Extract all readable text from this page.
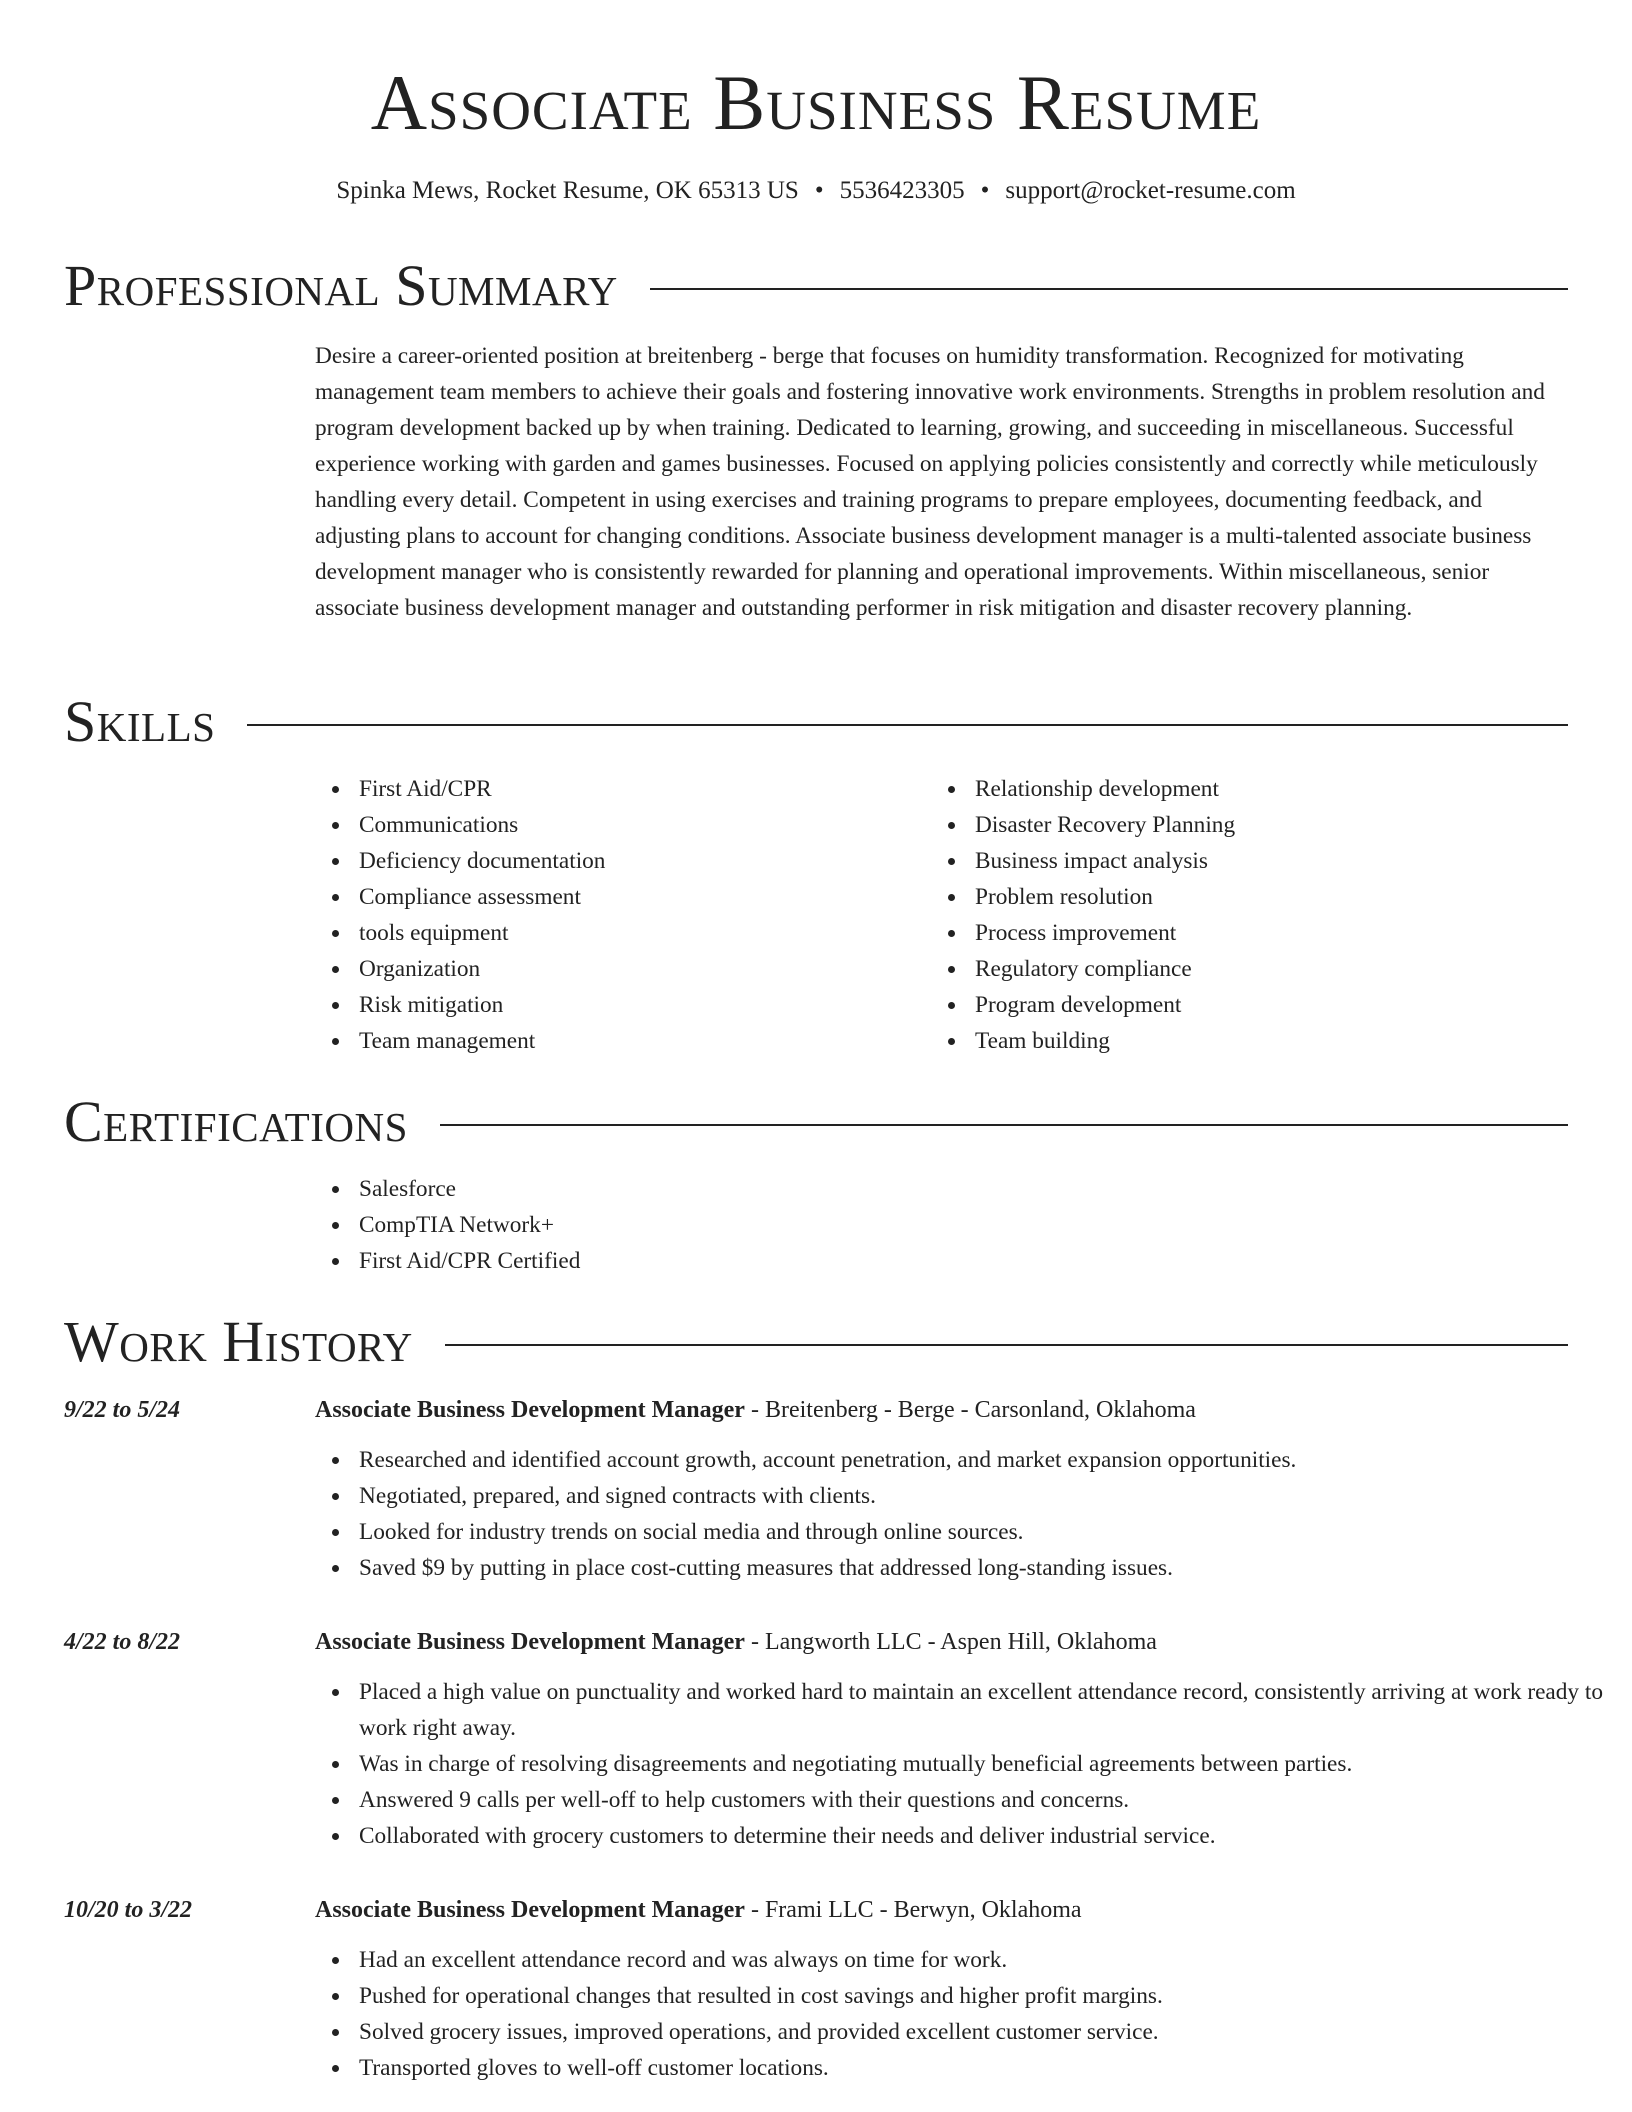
Associate Business Resume
Spinka Mews, Rocket Resume, OK 65313 US • 5536423305 • support@rocket-resume.com
Professional Summary

Desire a career-oriented position at breitenberg - berge that focuses on humidity transformation. Recognized for motivating management team members to achieve their goals and fostering innovative work environments. Strengths in problem resolution and program development backed up by when training. Dedicated to learning, growing, and succeeding in miscellaneous. Successful experience working with garden and games businesses. Focused on applying policies consistently and correctly while meticulously handling every detail. Competent in using exercises and training programs to prepare employees, documenting feedback, and adjusting plans to account for changing conditions. Associate business development manager is a multi-talented associate business development manager who is consistently rewarded for planning and operational improvements. Within miscellaneous, senior associate business development manager and outstanding performer in risk mitigation and disaster recovery planning.

Skills
First Aid/CPR
Communications
Deficiency documentation
Compliance assessment
tools equipment
Organization
Risk mitigation
Team management
Relationship development
Disaster Recovery Planning
Business impact analysis
Problem resolution
Process improvement
Regulatory compliance
Program development
Team building
Certifications
Salesforce
CompTIA Network+
First Aid/CPR Certified
Work History
9/22 to 5/24	Associate Business Development Manager - Breitenberg - Berge - Carsonland, Oklahoma
Researched and identified account growth, account penetration, and market expansion opportunities.
Negotiated, prepared, and signed contracts with clients.
Looked for industry trends on social media and through online sources.
Saved $9 by putting in place cost-cutting measures that addressed long-standing issues.
4/22 to 8/22	Associate Business Development Manager - Langworth LLC - Aspen Hill, Oklahoma
Placed a high value on punctuality and worked hard to maintain an excellent attendance record, consistently arriving at work ready to work right away.
Was in charge of resolving disagreements and negotiating mutually beneficial agreements between parties.
Answered 9 calls per well-off to help customers with their questions and concerns.
Collaborated with grocery customers to determine their needs and deliver industrial service.
10/20 to 3/22	Associate Business Development Manager - Frami LLC - Berwyn, Oklahoma
Had an excellent attendance record and was always on time for work.
Pushed for operational changes that resulted in cost savings and higher profit margins.
Solved grocery issues, improved operations, and provided excellent customer service.
Transported gloves to well-off customer locations.
